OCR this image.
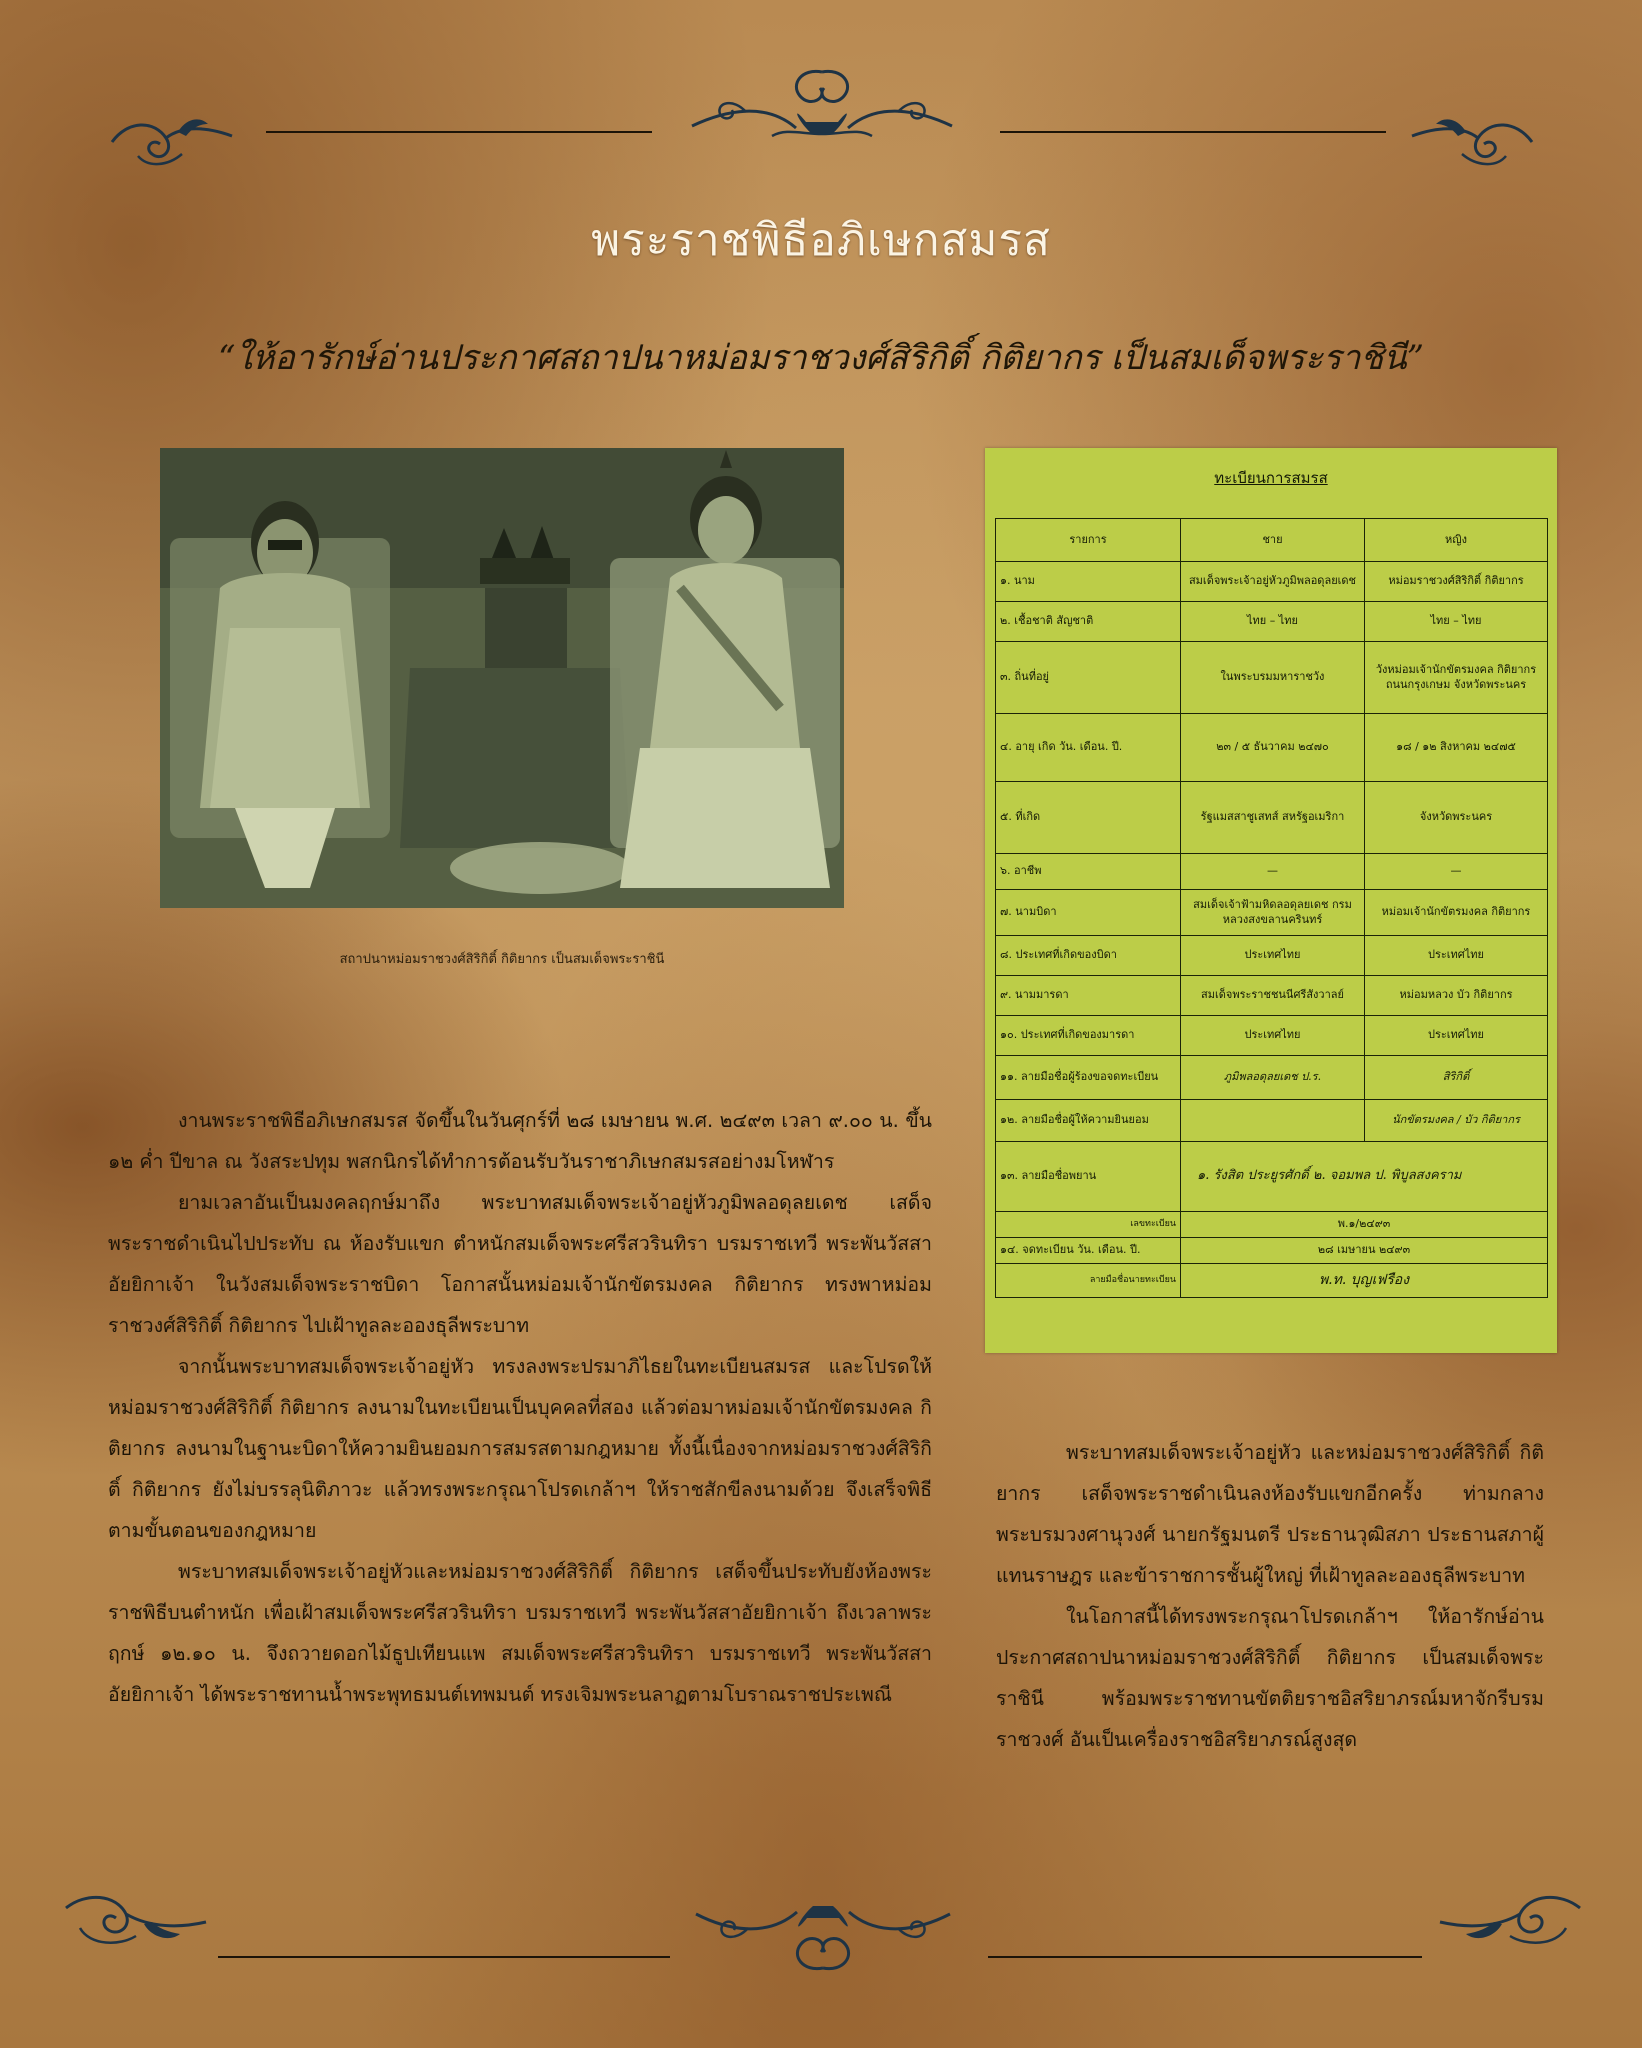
พระราชพิธีอภิเษกสมรส
“ให้อารักษ์อ่านประกาศสถาปนาหม่อมราชวงศ์สิริกิติ์ กิติยากร เป็นสมเด็จพระราชินี”
สถาปนาหม่อมราชวงศ์สิริกิติ์ กิติยากร เป็นสมเด็จพระราชินี
ทะเบียนการสมรส
รายการ	ชาย	หญิง
๑. นาม	สมเด็จพระเจ้าอยู่หัวภูมิพลอดุลยเดช	หม่อมราชวงศ์สิริกิติ์ กิติยากร
๒. เชื้อชาติ สัญชาติ	ไทย – ไทย	ไทย – ไทย
๓. ถิ่นที่อยู่	ในพระบรมมหาราชวัง	วังหม่อมเจ้านักขัตรมงคล กิติยากร ถนนกรุงเกษม จังหวัดพระนคร
๔. อายุ เกิด วัน. เดือน. ปี.	๒๓ / ๕ ธันวาคม ๒๔๗๐	๑๘ / ๑๒ สิงหาคม ๒๔๗๕
๕. ที่เกิด	รัฐแมสสาชูเสทส์ สหรัฐอเมริกา	จังหวัดพระนคร
๖. อาชีพ	—	—
๗. นามบิดา	สมเด็จเจ้าฟ้ามหิดลอดุลยเดช กรมหลวงสงขลานครินทร์	หม่อมเจ้านักขัตรมงคล กิติยากร
๘. ประเทศที่เกิดของบิดา	ประเทศไทย	ประเทศไทย
๙. นามมารดา	สมเด็จพระราชชนนีศรีสังวาลย์	หม่อมหลวง บัว กิติยากร
๑๐. ประเทศที่เกิดของมารดา	ประเทศไทย	ประเทศไทย
๑๑. ลายมือชื่อผู้ร้องขอจดทะเบียน	ภูมิพลอดุลยเดช ป.ร.	สิริกิติ์
๑๒. ลายมือชื่อผู้ให้ความยินยอม		นักขัตรมงคล / บัว กิติยากร
๑๓. ลายมือชื่อพยาน	๑. รังสิต ประยูรศักดิ์ ๒. จอมพล ป. พิบูลสงคราม	
เลขทะเบียน	พ.๑/๒๔๙๓	
๑๔. จดทะเบียน วัน. เดือน. ปี.	๒๘ เมษายน ๒๔๙๓	
ลายมือชื่อนายทะเบียน	พ.ท. บุญเฟรือง	

งานพระราชพิธีอภิเษกสมรส จัดขึ้นในวันศุกร์ที่ ๒๘ เมษายน พ.ศ. ๒๔๙๓ เวลา ๙.๐๐ น. ขึ้น ๑๒ ค่ำ ปีขาล ณ วังสระปทุม พสกนิกรได้ทำการต้อนรับวันราชาภิเษกสมรสอย่างมโหฬาร

ยามเวลาอันเป็นมงคลฤกษ์มาถึง พระบาทสมเด็จพระเจ้าอยู่หัวภูมิพลอดุลยเดช เสด็จพระราชดำเนินไปประทับ ณ ห้องรับแขก ตำหนักสมเด็จพระศรีสวรินทิรา บรมราชเทวี พระพันวัสสาอัยยิกาเจ้า ในวังสมเด็จพระราชบิดา โอกาสนั้นหม่อมเจ้านักขัตรมงคล กิติยากร ทรงพาหม่อมราชวงศ์สิริกิติ์ กิติยากร ไปเฝ้าทูลละอองธุลีพระบาท

จากนั้นพระบาทสมเด็จพระเจ้าอยู่หัว ทรงลงพระปรมาภิไธยในทะเบียนสมรส และโปรดให้หม่อมราชวงศ์สิริกิติ์ กิติยากร ลงนามในทะเบียนเป็นบุคคลที่สอง แล้วต่อมาหม่อมเจ้านักขัตรมงคล กิติยากร ลงนามในฐานะบิดาให้ความยินยอมการสมรสตามกฎหมาย ทั้งนี้เนื่องจากหม่อมราชวงศ์สิริกิติ์ กิติยากร ยังไม่บรรลุนิติภาวะ แล้วทรงพระกรุณาโปรดเกล้าฯ ให้ราชสักขีลงนามด้วย จึงเสร็จพิธีตามขั้นตอนของกฎหมาย

พระบาทสมเด็จพระเจ้าอยู่หัวและหม่อมราชวงศ์สิริกิติ์ กิติยากร เสด็จขึ้นประทับยังห้องพระราชพิธีบนตำหนัก เพื่อเฝ้าสมเด็จพระศรีสวรินทิรา บรมราชเทวี พระพันวัสสาอัยยิกาเจ้า ถึงเวลาพระฤกษ์ ๑๒.๑๐ น. จึงถวายดอกไม้ธูปเทียนแพ สมเด็จพระศรีสวรินทิรา บรมราชเทวี พระพันวัสสาอัยยิกาเจ้า ได้พระราชทานน้ำพระพุทธมนต์เทพมนต์ ทรงเจิมพระนลาฏตามโบราณราชประเพณี

พระบาทสมเด็จพระเจ้าอยู่หัว และหม่อมราชวงศ์สิริกิติ์ กิติยากร เสด็จพระราชดำเนินลงห้องรับแขกอีกครั้ง ท่ามกลางพระบรมวงศานุวงศ์ นายกรัฐมนตรี ประธานวุฒิสภา ประธานสภาผู้แทนราษฎร และข้าราชการชั้นผู้ใหญ่ ที่เฝ้าทูลละอองธุลีพระบาท

ในโอกาสนี้ได้ทรงพระกรุณาโปรดเกล้าฯ ให้อารักษ์อ่านประกาศสถาปนาหม่อมราชวงศ์สิริกิติ์ กิติยากร เป็นสมเด็จพระราชินี พร้อมพระราชทานขัตติยราชอิสริยาภรณ์มหาจักรีบรมราชวงศ์ อันเป็นเครื่องราชอิสริยาภรณ์สูงสุด
